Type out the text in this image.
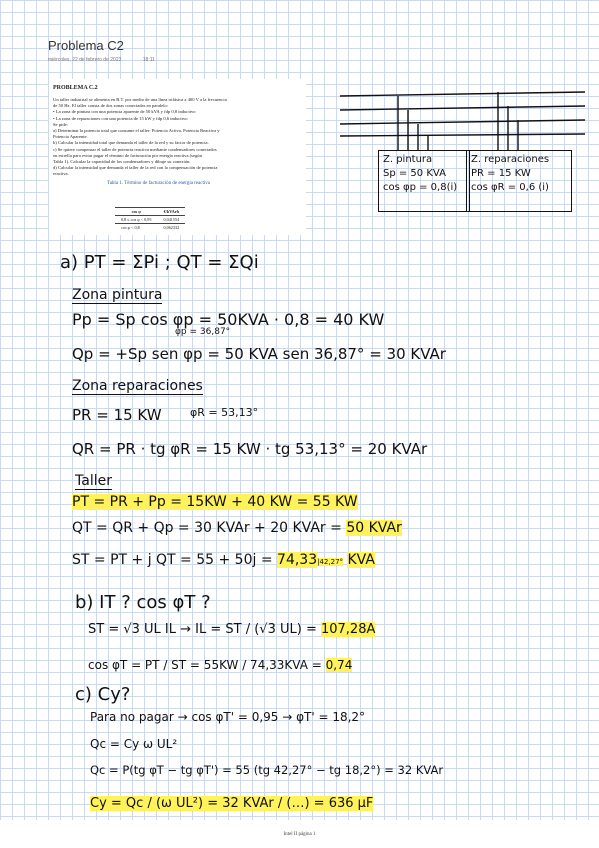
Problema C2
miércoles, 22 de febrero de 2023	18:11
PROBLEMA C.2
Un taller industrial se alimenta en B.T. por medio de una línea trifásica a 400 V a la frecuencia
de 50 Hz. El taller consta de dos zonas conectadas en paralelo:
• La zona de pintura con una potencia aparente de 50 kVA y fdp 0,8 inductivo
• La zona de reparaciones con una potencia de 15 kW y fdp 0,6 inductivo
Se pide:
a) Determinar la potencia total que consume el taller: Potencia Activa, Potencia Reactiva y
Potencia Aparente.
b) Calcular la intensidad total que demanda el taller de la red y su factor de potencia.
c) Se quiere compensar el taller de potencia reactiva mediante condensadores conectados
en estrella para evitar pagar el término de facturación por energía reactiva (según
Tabla 1). Calcular la capacidad de los condensadores y dibuje su conexión.
d) Calcular la intensidad que demanda el taller de la red con la compensación de potencia
reactiva.
Tabla 1. Término de facturación de energía reactiva
cos φ	€/kVArh
0,8 ≤ cos φ < 0,95	0,041554
cos φ < 0,8	0,062332
Z. pintura
Sp = 50 KVA
cos φp = 0,8(i)
Z. reparaciones
PR = 15 KW
cos φR = 0,6 (i)
a) PT = ΣPi ; QT = ΣQi
Zona pintura
Pp = Sp cos φp = 50KVA · 0,8 = 40 KW
φp = 36,87°
Qp = +Sp sen φp = 50 KVA sen 36,87° = 30 KVAr
Zona reparaciones
PR = 15 KW	φR = 53,13°
QR = PR · tg φR = 15 KW · tg 53,13° = 20 KVAr
Taller
PT = PR + Pp = 15KW + 40 KW = 55 KW
QT = QR + Qp = 30 KVAr + 20 KVAr = 50 KVAr
ST = PT + j QT = 55 + 50j = 74,33|42,27° KVA
b) IT ? cos φT ?
ST = √3 UL IL → IL = ST / (√3 UL) = 107,28A
cos φT = PT / ST = 55KW / 74,33KVA = 0,74
c) Cy?
Para no pagar → cos φT' = 0,95 → φT' = 18,2°
Qc = Cy ω UL²
Qc = P(tg φT − tg φT') = 55 (tg 42,27° − tg 18,2°) = 32 KVAr
Cy = Qc / (ω UL²) = 32 KVAr / (…) = 636 μF
Intel II página 1
